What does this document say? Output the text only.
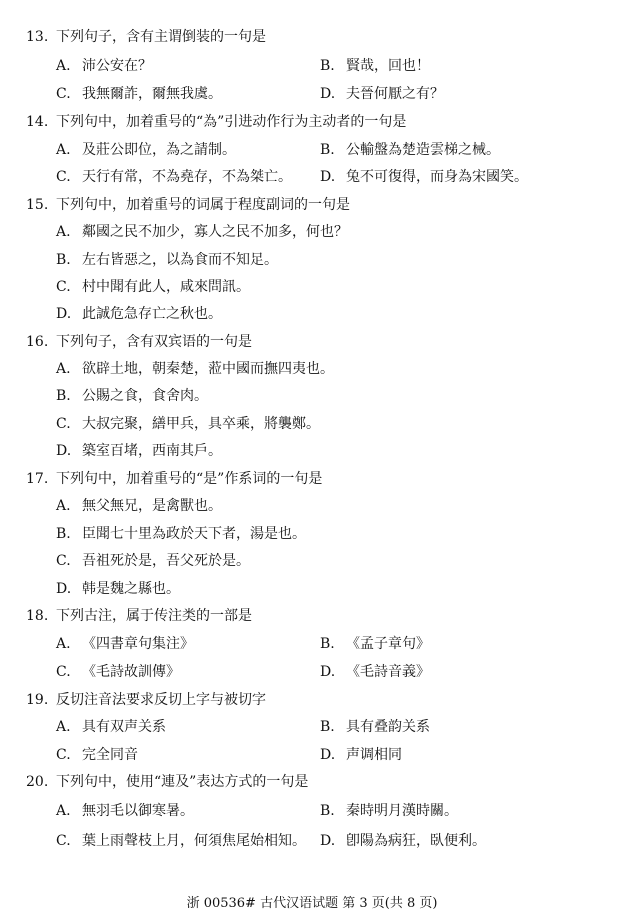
13. 下列句子，含有主谓倒装的一句是
A. 沛公安在？	B. 賢哉，回也！
C. 我無爾詐，爾無我虞。	D. 夫晉何厭之有？
14. 下列句中，加着重号的“為”引进动作行为主动者的一句是
A. 及莊公即位，為之請制。	B. 公輸盤為楚造雲梯之械。
C. 天行有常，不為堯存，不為桀亡。 D. 兔不可復得，而身為宋國笑。
15. 下列句中，加着重号的词属于程度副词的一句是
A. 鄰國之民不加少，寡人之民不加多，何也？
B. 左右皆惡之，以為食而不知足。
C. 村中聞有此人，咸來問訊。
D. 此誠危急存亡之秋也。
16. 下列句子，含有双宾语的一句是
A. 欲辟土地，朝秦楚，蒞中國而撫四夷也。
B. 公賜之食，食舍肉。
C. 大叔完聚，繕甲兵，具卒乘，將襲鄭。
D. 築室百堵，西南其戶。
17. 下列句中，加着重号的“是”作系词的一句是
A. 無父無兄，是禽獸也。
B. 臣聞七十里為政於天下者，湯是也。
C. 吾祖死於是，吾父死於是。
D. 韩是魏之縣也。
18. 下列古注，属于传注类的一部是
A. 《四書章句集注》	B. 《孟子章句》
C. 《毛詩故訓傳》	D. 《毛詩音義》
19. 反切注音法要求反切上字与被切字
A. 具有双声关系	B. 具有叠韵关系
C. 完全同音	D. 声调相同
20. 下列句中，使用“連及”表达方式的一句是
A. 無羽毛以御寒暑。	B. 秦時明月漢時關。
C. 葉上雨聲枝上月，何須焦尾始相知。 D. 卽陽為病狂，臥便利。
浙 00536# 古代汉语试题 第 3 页(共 8 页)
